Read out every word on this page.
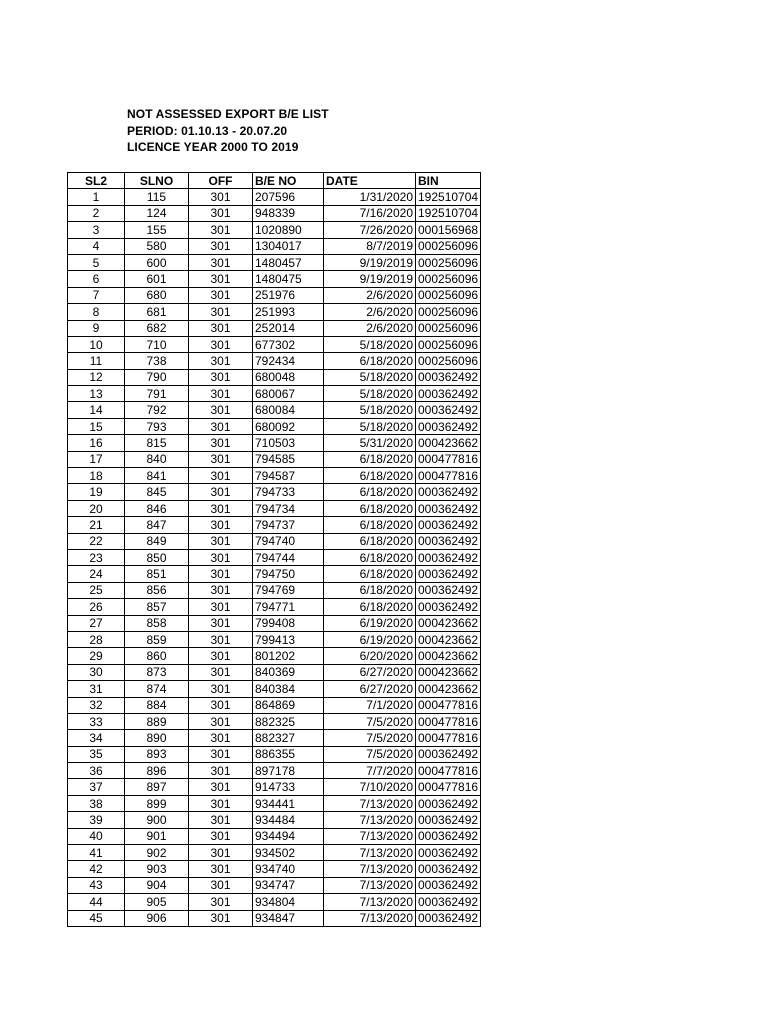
NOT ASSESSED EXPORT B/E LIST
PERIOD: 01.10.13 - 20.07.20
LICENCE YEAR 2000 TO 2019
SL2	SLNO	OFF	B/E NO	DATE	BIN
1	115	301	207596	1/31/2020	192510704
2	124	301	948339	7/16/2020	192510704
3	155	301	1020890	7/26/2020	000156968
4	580	301	1304017	8/7/2019	000256096
5	600	301	1480457	9/19/2019	000256096
6	601	301	1480475	9/19/2019	000256096
7	680	301	251976	2/6/2020	000256096
8	681	301	251993	2/6/2020	000256096
9	682	301	252014	2/6/2020	000256096
10	710	301	677302	5/18/2020	000256096
11	738	301	792434	6/18/2020	000256096
12	790	301	680048	5/18/2020	000362492
13	791	301	680067	5/18/2020	000362492
14	792	301	680084	5/18/2020	000362492
15	793	301	680092	5/18/2020	000362492
16	815	301	710503	5/31/2020	000423662
17	840	301	794585	6/18/2020	000477816
18	841	301	794587	6/18/2020	000477816
19	845	301	794733	6/18/2020	000362492
20	846	301	794734	6/18/2020	000362492
21	847	301	794737	6/18/2020	000362492
22	849	301	794740	6/18/2020	000362492
23	850	301	794744	6/18/2020	000362492
24	851	301	794750	6/18/2020	000362492
25	856	301	794769	6/18/2020	000362492
26	857	301	794771	6/18/2020	000362492
27	858	301	799408	6/19/2020	000423662
28	859	301	799413	6/19/2020	000423662
29	860	301	801202	6/20/2020	000423662
30	873	301	840369	6/27/2020	000423662
31	874	301	840384	6/27/2020	000423662
32	884	301	864869	7/1/2020	000477816
33	889	301	882325	7/5/2020	000477816
34	890	301	882327	7/5/2020	000477816
35	893	301	886355	7/5/2020	000362492
36	896	301	897178	7/7/2020	000477816
37	897	301	914733	7/10/2020	000477816
38	899	301	934441	7/13/2020	000362492
39	900	301	934484	7/13/2020	000362492
40	901	301	934494	7/13/2020	000362492
41	902	301	934502	7/13/2020	000362492
42	903	301	934740	7/13/2020	000362492
43	904	301	934747	7/13/2020	000362492
44	905	301	934804	7/13/2020	000362492
45	906	301	934847	7/13/2020	000362492
